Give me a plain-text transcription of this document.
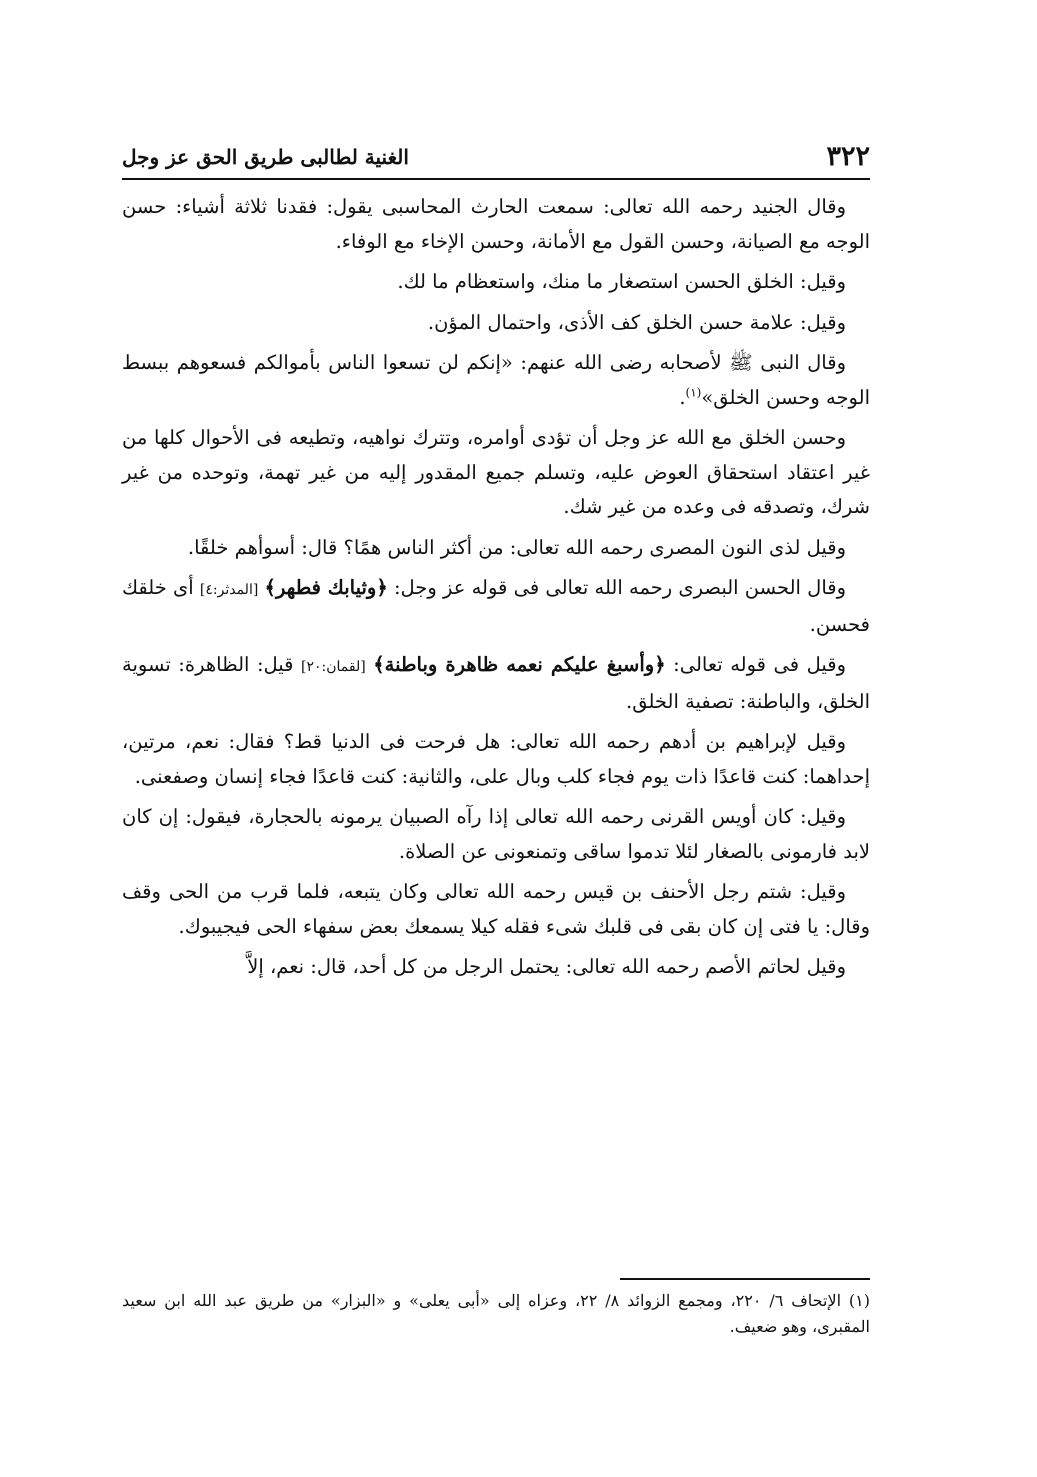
٣٢٢
الغنية لطالبى طريق الحق عز وجل

وقال الجنيد رحمه الله تعالى: سمعت الحارث المحاسبى يقول: فقدنا ثلاثة أشياء: حسن الوجه مع الصيانة، وحسن القول مع الأمانة، وحسن الإخاء مع الوفاء.

وقيل: الخلق الحسن استصغار ما منك، واستعظام ما لك.

وقيل: علامة حسن الخلق كف الأذى، واحتمال المؤن.

وقال النبى ﷺ لأصحابه رضى الله عنهم: «إنكم لن تسعوا الناس بأموالكم فسعوهم ببسط الوجه وحسن الخلق»$^{(١)}$.

وحسن الخلق مع الله عز وجل أن تؤدى أوامره، وتترك نواهيه، وتطيعه فى الأحوال كلها من غير اعتقاد استحقاق العوض عليه، وتسلم جميع المقدور إليه من غير تهمة، وتوحده من غير شرك، وتصدقه فى وعده من غير شك.

وقيل لذى النون المصرى رحمه الله تعالى: من أكثر الناس همًا؟ قال: أسوأهم خلقًا.

وقال الحسن البصرى رحمه الله تعالى فى قوله عز وجل: ﴿وثيابك فطهر﴾ [المدثر:٤] أى خلقك فحسن.

وقيل فى قوله تعالى: ﴿وأسبغ عليكم نعمه ظاهرة وباطنة﴾ [لقمان:٢٠] قيل: الظاهرة: تسوية الخلق، والباطنة: تصفية الخلق.

وقيل لإبراهيم بن أدهم رحمه الله تعالى: هل فرحت فى الدنيا قط؟ فقال: نعم، مرتين، إحداهما: كنت قاعدًا ذات يوم فجاء كلب وبال على، والثانية: كنت قاعدًا فجاء إنسان وصفعنى.

وقيل: كان أويس القرنى رحمه الله تعالى إذا رآه الصبيان يرمونه بالحجارة، فيقول: إن كان لابد فارمونى بالصغار لئلا تدموا ساقى وتمنعونى عن الصلاة.

وقيل: شتم رجل الأحنف بن قيس رحمه الله تعالى وكان يتبعه، فلما قرب من الحى وقف وقال: يا فتى إن كان بقى فى قلبك شىء فقله كيلا يسمعك بعض سفهاء الحى فيجيبوك.

وقيل لحاتم الأصم رحمه الله تعالى: يحتمل الرجل من كل أحد، قال: نعم، إلاَّ

(١) الإتحاف ٦/ ٢٢٠، ومجمع الزوائد ٨/ ٢٢، وعزاه إلى «أبى يعلى» و «البزار» من طريق عبد الله ابن سعيد المقبرى، وهو ضعيف.
